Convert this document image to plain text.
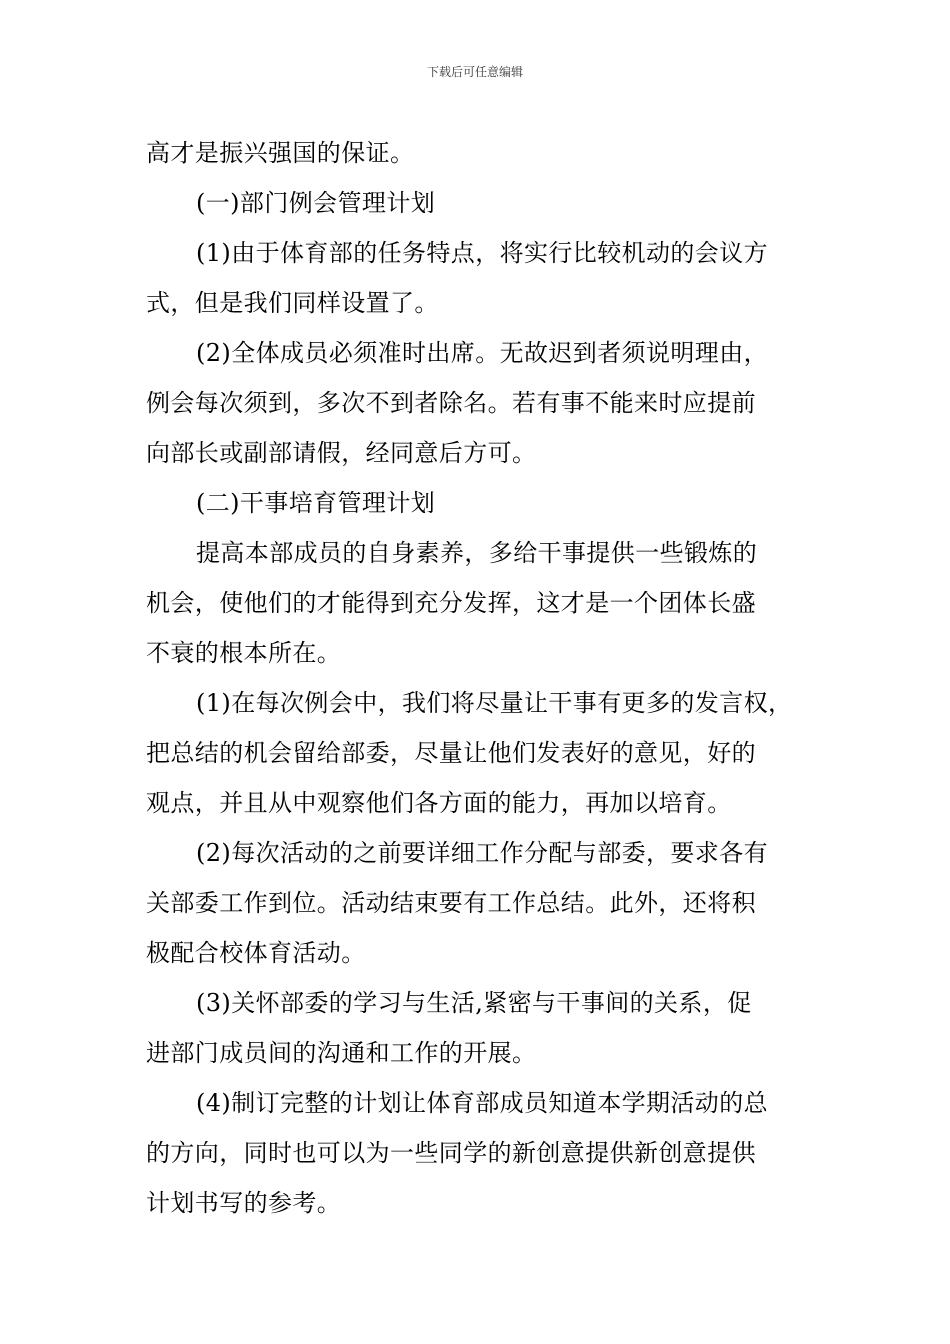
下载后可任意编辑
高才是振兴强国的保证。
(一)部门例会管理计划
(1)由于体育部的任务特点，将实行比较机动的会议方
式，但是我们同样设置了。
(2)全体成员必须准时出席。无故迟到者须说明理由，
例会每次须到，多次不到者除名。若有事不能来时应提前
向部长或副部请假，经同意后方可。
(二)干事培育管理计划
提高本部成员的自身素养，多给干事提供一些锻炼的
机会，使他们的才能得到充分发挥，这才是一个团体长盛
不衰的根本所在。
(1)在每次例会中，我们将尽量让干事有更多的发言权，
把总结的机会留给部委，尽量让他们发表好的意见，好的
观点，并且从中观察他们各方面的能力，再加以培育。
(2)每次活动的之前要详细工作分配与部委，要求各有
关部委工作到位。活动结束要有工作总结。此外，还将积
极配合校体育活动。
(3)关怀部委的学习与生活,紧密与干事间的关系，促
进部门成员间的沟通和工作的开展。
(4)制订完整的计划让体育部成员知道本学期活动的总
的方向，同时也可以为一些同学的新创意提供新创意提供
计划书写的参考。
